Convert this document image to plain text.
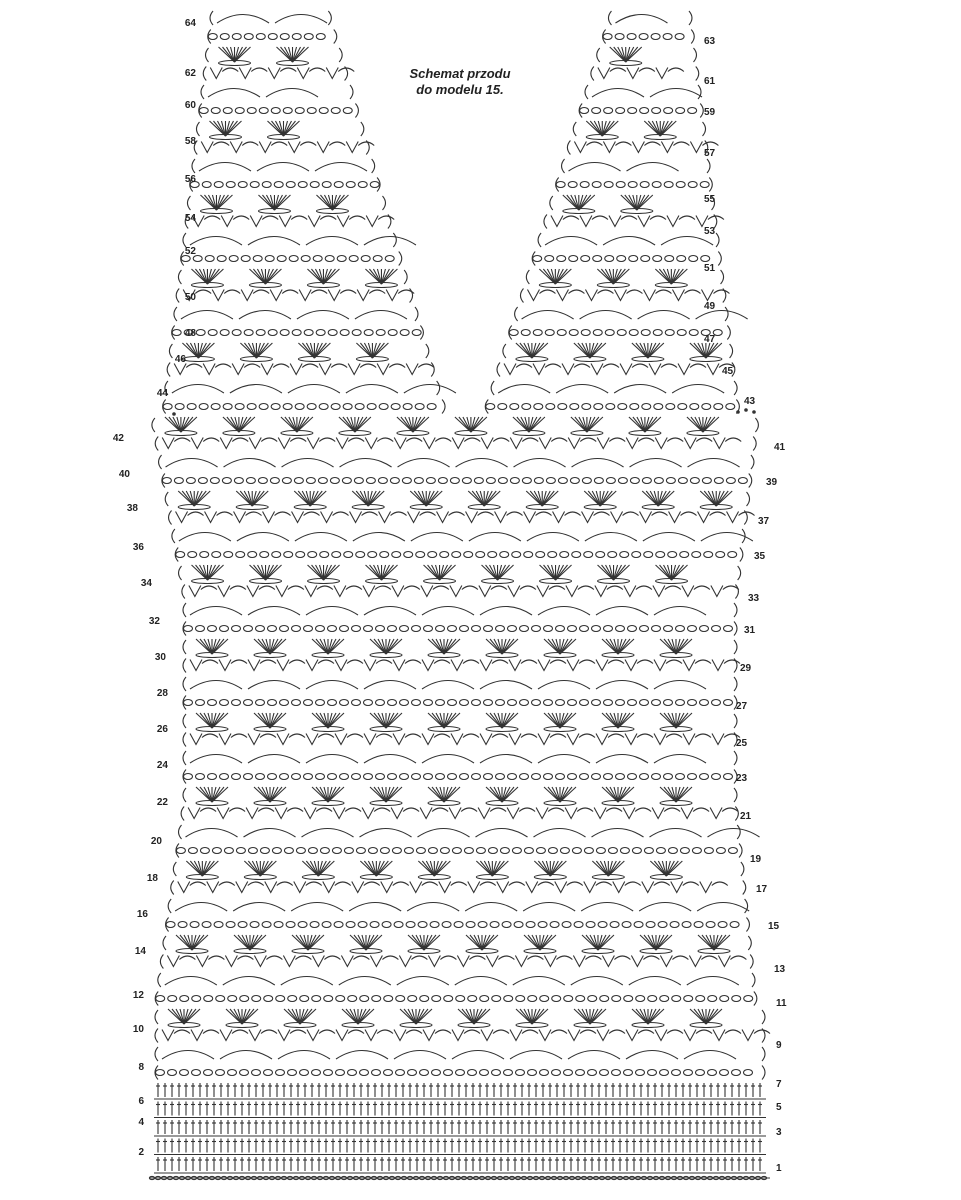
Schemat przodu
do modelu 15.
64
62
60
58
56
54
52
50
48
46
44
42
40
38
36
34
32
30
28
26
24
22
20
18
16
14
12
10
8
6
4
2
63
61
59
57
55
53
51
49
47
45
43
41
39
37
35
33
31
29
27
25
23
21
19
17
15
13
11
9
7
5
3
1
